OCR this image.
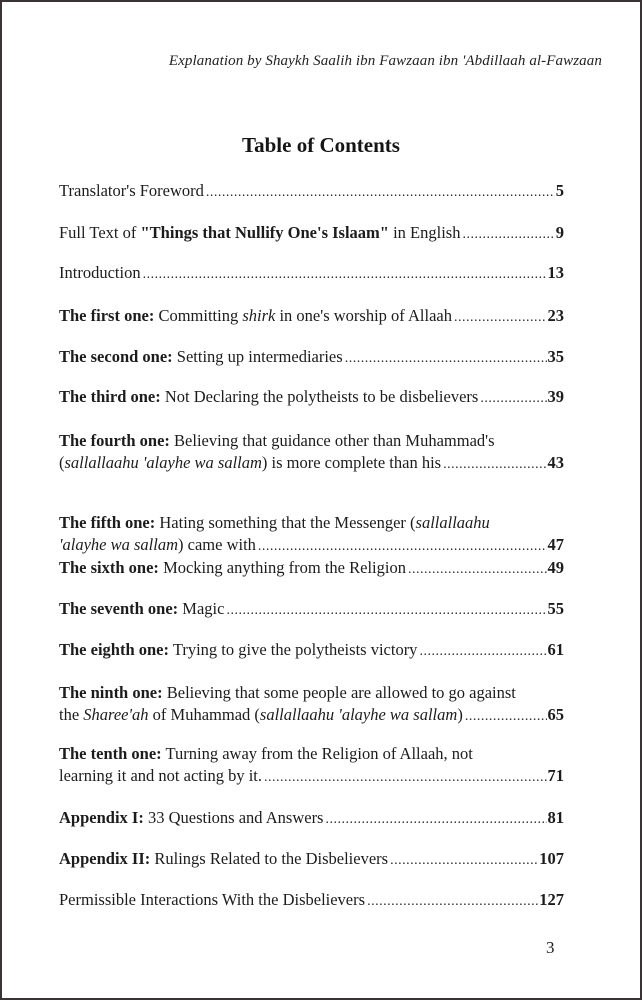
Explanation by Shaykh Saalih ibn Fawzaan ibn 'Abdillaah al-Fawzaan
Table of Contents
Translator's Foreword .....	5
Full Text of "Things that Nullify One's Islaam" in English .....	9
Introduction .....	13
The first one: Committing shirk in one's worship of Allaah .....	23
The second one: Setting up intermediaries .....	35
The third one: Not Declaring the polytheists to be disbelievers .....	39
The fourth one: Believing that guidance other than Muhammad's
(sallallaahu 'alayhe wa sallam) is more complete than his .....	43
The fifth one: Hating something that the Messenger (sallallaahu
'alayhe wa sallam) came with .....	47
The sixth one: Mocking anything from the Religion .....	49
The seventh one: Magic .....	55
The eighth one: Trying to give the polytheists victory .....	61
The ninth one: Believing that some people are allowed to go against
the Sharee'ah of Muhammad (sallallaahu 'alayhe wa sallam) .....	65
The tenth one: Turning away from the Religion of Allaah, not
learning it and not acting by it. .....	71
Appendix I: 33 Questions and Answers .....	81
Appendix II: Rulings Related to the Disbelievers .....	107
Permissible Interactions With the Disbelievers .....	127
3
